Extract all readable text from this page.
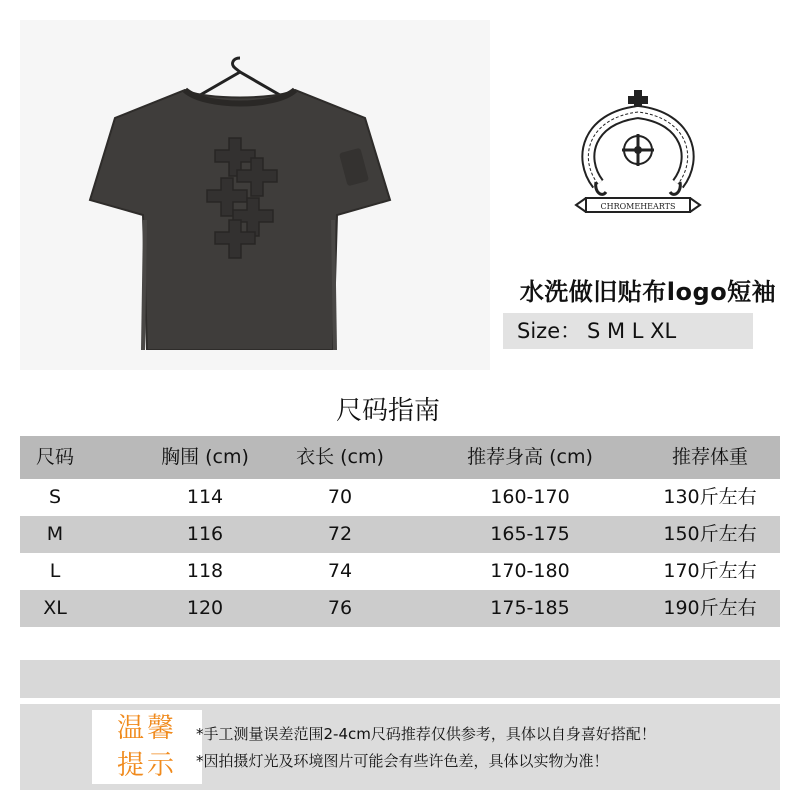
CHROMEHEARTS
水洗做旧贴布logo短袖
Size： S M L XL
尺码指南
尺码	胸围 (cm)	衣长 (cm)	推荐身高 (cm)	推荐体重
S	114	70	160-170	130斤左右
M	116	72	165-175	150斤左右
L	118	74	170-180	170斤左右
XL	120	76	175-185	190斤左右
温馨
提示
*手工测量误差范围2-4cm尺码推荐仅供参考，具体以自身喜好搭配！
*因拍摄灯光及环境图片可能会有些许色差，具体以实物为准！
